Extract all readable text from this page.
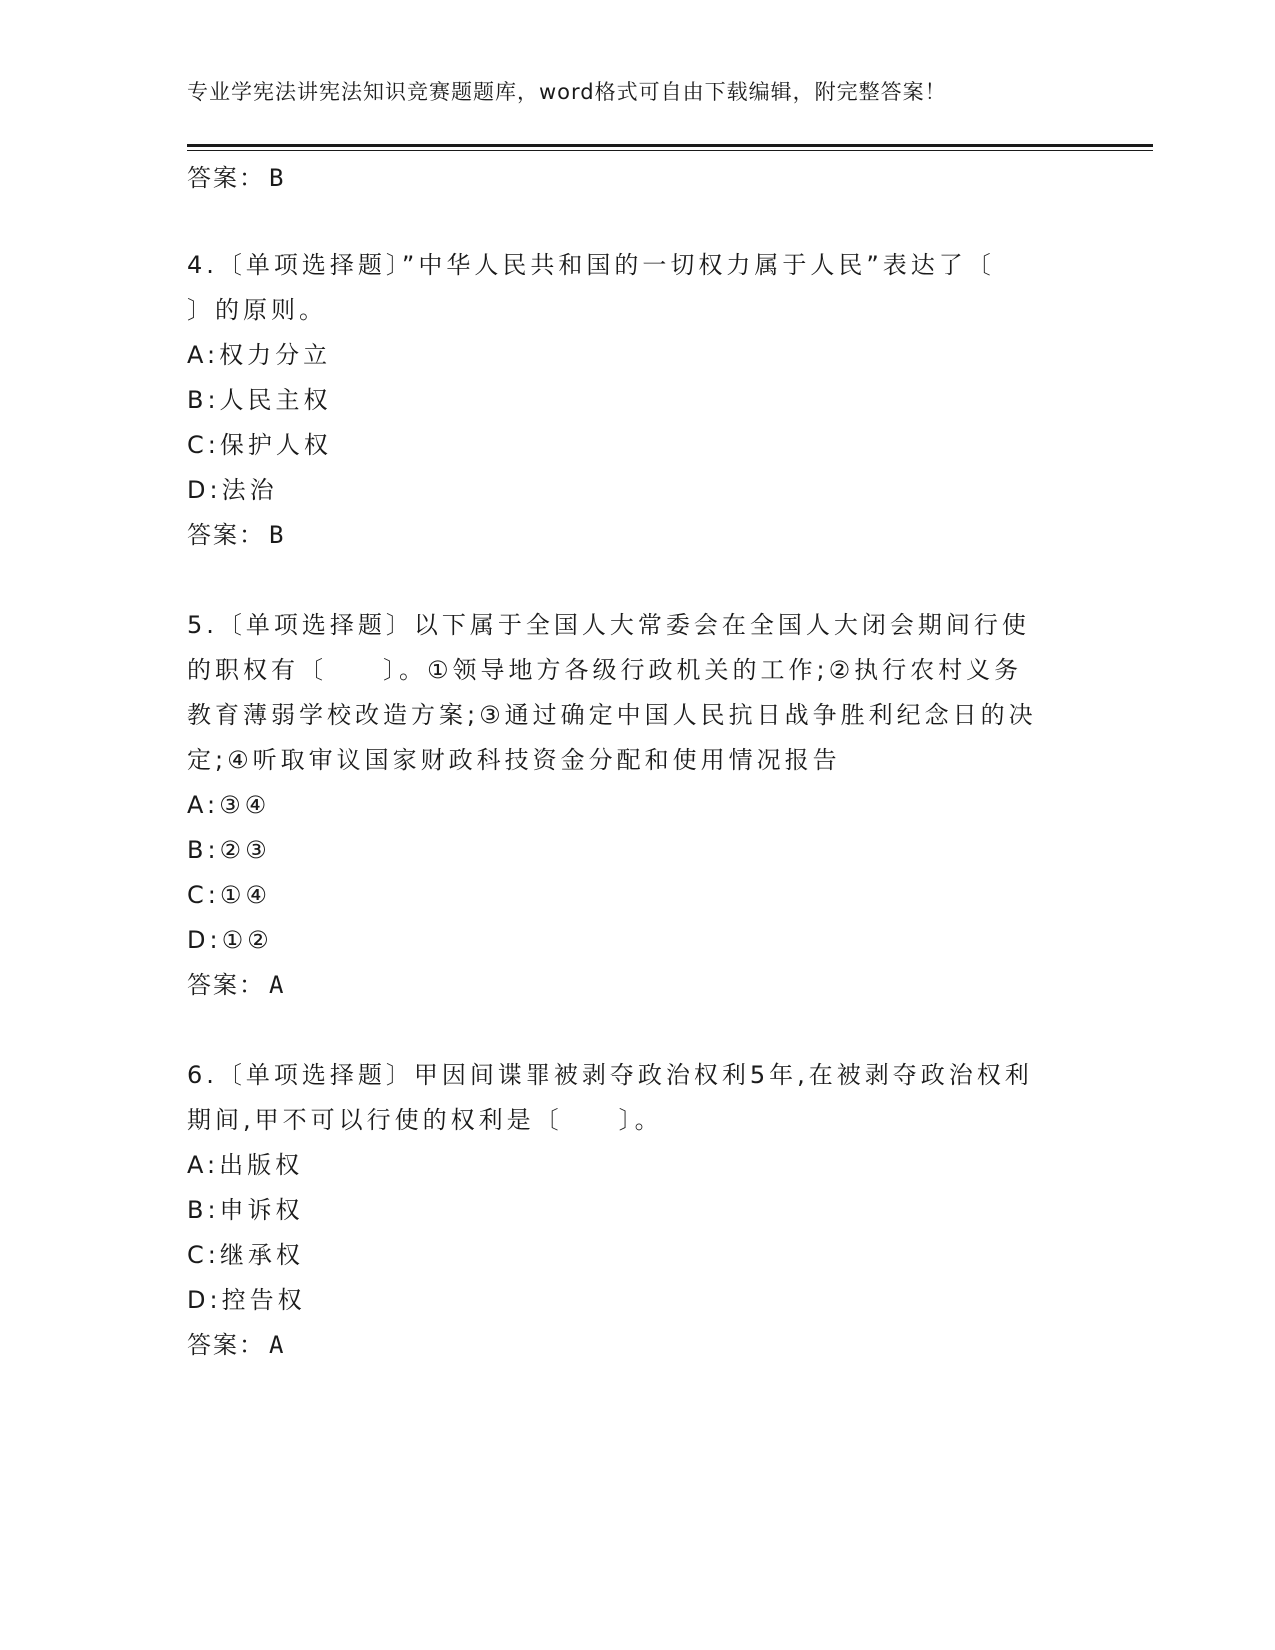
专业学宪法讲宪法知识竞赛题题库，word格式可自由下载编辑，附完整答案！
答案： B
4.〔单项选择题〕”中华人民共和国的一切权力属于人民”表达了〔
〕的原则。
A:权力分立
B:人民主权
C:保护人权
D:法治
答案： B
5.〔单项选择题〕以下属于全国人大常委会在全国人大闭会期间行使
的职权有〔　　〕。①领导地方各级行政机关的工作;②执行农村义务
教育薄弱学校改造方案;③通过确定中国人民抗日战争胜利纪念日的决
定;④听取审议国家财政科技资金分配和使用情况报告
A:③④
B:②③
C:①④
D:①②
答案： A
6.〔单项选择题〕甲因间谍罪被剥夺政治权利5年,在被剥夺政治权利
期间,甲不可以行使的权利是〔　　〕。
A:出版权
B:申诉权
C:继承权
D:控告权
答案： A
